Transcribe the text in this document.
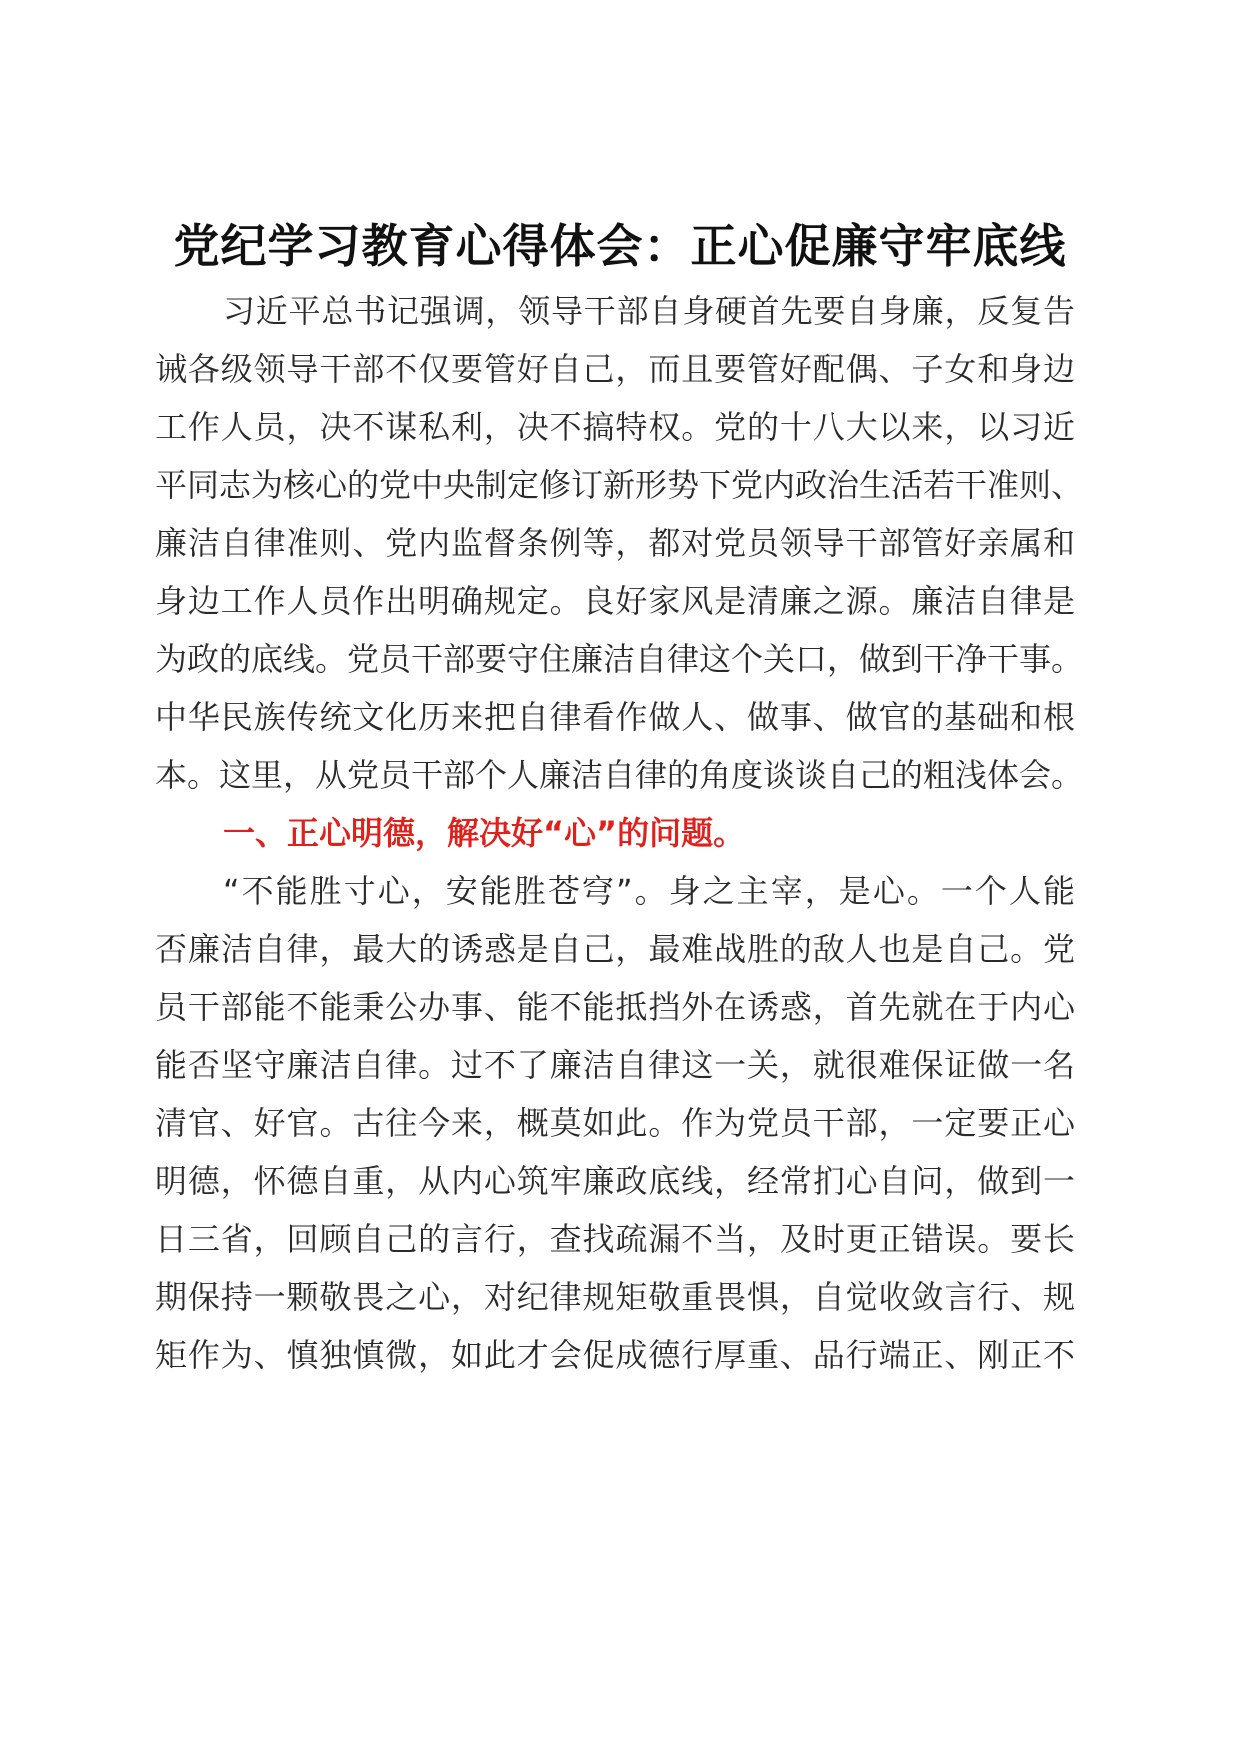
党纪学习教育心得体会：正心促廉守牢底线
习近平总书记强调，领导干部自身硬首先要自身廉，反复告
诫各级领导干部不仅要管好自己，而且要管好配偶、子女和身边
工作人员，决不谋私利，决不搞特权。党的十八大以来，以习近
平同志为核心的党中央制定修订新形势下党内政治生活若干准则、
廉洁自律准则、党内监督条例等，都对党员领导干部管好亲属和
身边工作人员作出明确规定。良好家风是清廉之源。廉洁自律是
为政的底线。党员干部要守住廉洁自律这个关口，做到干净干事。
中华民族传统文化历来把自律看作做人、做事、做官的基础和根
本。这里，从党员干部个人廉洁自律的角度谈谈自己的粗浅体会。
一、正心明德，解决好“心”的问题。
“不能胜寸心，安能胜苍穹”。身之主宰，是心。一个人能
否廉洁自律，最大的诱惑是自己，最难战胜的敌人也是自己。党
员干部能不能秉公办事、能不能抵挡外在诱惑，首先就在于内心
能否坚守廉洁自律。过不了廉洁自律这一关，就很难保证做一名
清官、好官。古往今来，概莫如此。作为党员干部，一定要正心
明德，怀德自重，从内心筑牢廉政底线，经常扪心自问，做到一
日三省，回顾自己的言行，查找疏漏不当，及时更正错误。要长
期保持一颗敬畏之心，对纪律规矩敬重畏惧，自觉收敛言行、规
矩作为、慎独慎微，如此才会促成德行厚重、品行端正、刚正不
